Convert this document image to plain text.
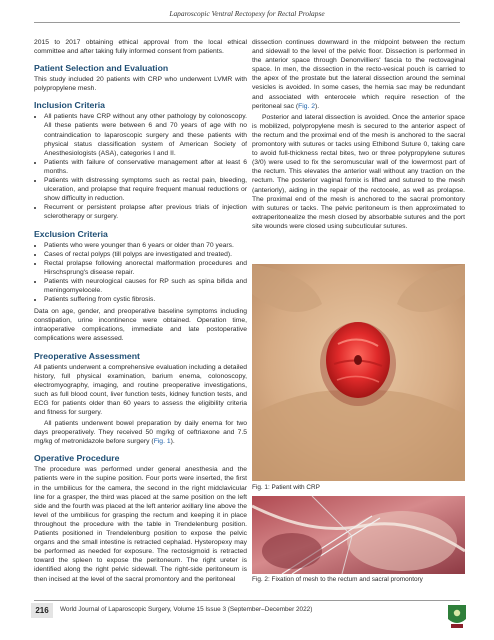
Laparoscopic Ventral Rectopexy for Rectal Prolapse

2015 to 2017 obtaining ethical approval from the local ethical committee and after taking fully informed consent from patients.

Patient Selection and Evaluation

This study included 20 patients with CRP who underwent LVMR with polypropylene mesh.

Inclusion Criteria
• All patients have CRP without any other pathology by colonoscopy. All these patients were between 6 and 70 years of age with no contraindication to laparoscopic surgery and these patients with physical status classification system of American Society of Anesthesiologists (ASA), categories I and II.
• Patients with failure of conservative management after at least 6 months.
• Patients with distressing symptoms such as rectal pain, bleeding, ulceration, and prolapse that require frequent manual reductions or show difficulty in reduction.
• Recurrent or persistent prolapse after previous trials of injection sclerotherapy or surgery.
Exclusion Criteria
• Patients who were younger than 6 years or older than 70 years.
• Cases of rectal polyps (till polyps are investigated and treated).
• Rectal prolapse following anorectal malformation procedures and Hirschsprung's disease repair.
• Patients with neurological causes for RP such as spina bifida and meningomyelocele.
• Patients suffering from cystic fibrosis.

Data on age, gender, and preoperative baseline symptoms including constipation, urine incontinence were obtained. Operation time, intraoperative complications, immediate and late postoperative complications were assessed.

Preoperative Assessment

All patients underwent a comprehensive evaluation including a detailed history, full physical examination, barium enema, colonoscopy, electromyography, imaging, and routine preoperative investigations, such as full blood count, liver function tests, kidney function tests, and ECG for patients older than 60 years to assess the eligibility criteria and fitness for surgery.

All patients underwent bowel preparation by daily enema for two days preoperatively. They received 50 mg/kg of ceftriaxone and 7.5 mg/kg of metronidazole before surgery (Fig. 1).

Operative Procedure

The procedure was performed under general anesthesia and the patients were in the supine position. Four ports were inserted, the first in the umbilicus for the camera, the second in the right midclavicular line for a grasper, the third was placed at the same position on the left side and the fourth was placed at the left anterior axillary line above the level of the umbilicus for grasping the rectum and keeping it in place throughout the procedure with the table in Trendelenburg position. Patients positioned in Trendelenburg position to expose the pelvic organs and the small intestine is retracted cephalad. Hysteropexy may be performed as needed for exposure. The rectosigmoid is retracted toward the spleen to expose the peritoneum. The right ureter is identified along the right pelvic sidewall. The right-side peritoneum is then incised at the level of the sacral promontory and the peritoneal

dissection continues downward in the midpoint between the rectum and sidewall to the level of the pelvic floor. Dissection is performed in the anterior space through Denonvilliers' fascia to the rectovaginal space. In men, the dissection in the recto-vesical pouch is carried to the apex of the prostate but the lateral dissection around the seminal vesicles is avoided. In some cases, the hernia sac may be redundant and associated with enterocele which require resection of the peritoneal sac (Fig. 2).

Posterior and lateral dissection is avoided. Once the anterior space is mobilized, polypropylene mesh is secured to the anterior aspect of the rectum and the proximal end of the mesh is anchored to the sacral promontory with sutures or tacks using Ethibond Suture 0, taking care to avoid full-thickness rectal bites, two or three polypropylene sutures (3/0) were used to fix the seromuscular wall of the lowermost part of the rectum. This elevates the anterior wall without any traction on the rectum. The posterior vaginal fornix is lifted and sutured to the mesh (anteriorly), aiding in the repair of the rectocele, as well as prolapse. The proximal end of the mesh is anchored to the sacral promontory with sutures or tacks. The pelvic peritoneum is then approximated to extraperitonealize the mesh closed by absorbable sutures and the port site wounds were closed using subcuticular sutures.

Fig. 1: Patient with CRP
Fig. 2: Fixation of mesh to the rectum and sacral promontory
216	World Journal of Laparoscopic Surgery, Volume 15 Issue 3 (September–December 2022)
